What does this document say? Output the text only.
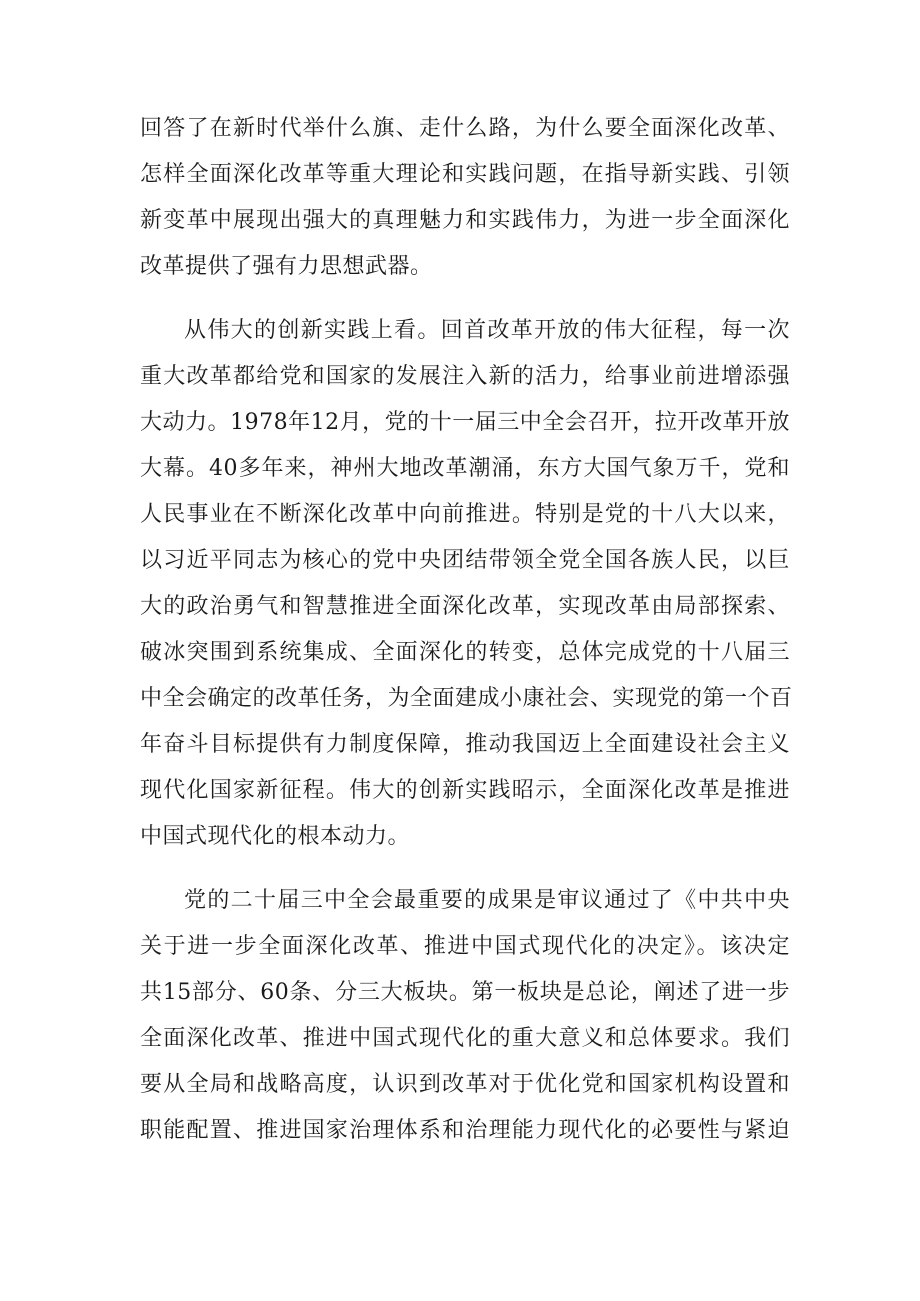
回答了在新时代举什么旗、走什么路，为什么要全面深化改革、
怎样全面深化改革等重大理论和实践问题，在指导新实践、引领
新变革中展现出强大的真理魅力和实践伟力，为进一步全面深化
改革提供了强有力思想武器。
从伟大的创新实践上看。回首改革开放的伟大征程，每一次
重大改革都给党和国家的发展注入新的活力，给事业前进增添强
大动力。1978年12月，党的十一届三中全会召开，拉开改革开放
大幕。40多年来，神州大地改革潮涌，东方大国气象万千，党和
人民事业在不断深化改革中向前推进。特别是党的十八大以来，
以习近平同志为核心的党中央团结带领全党全国各族人民，以巨
大的政治勇气和智慧推进全面深化改革，实现改革由局部探索、
破冰突围到系统集成、全面深化的转变，总体完成党的十八届三
中全会确定的改革任务，为全面建成小康社会、实现党的第一个百
年奋斗目标提供有力制度保障，推动我国迈上全面建设社会主义
现代化国家新征程。伟大的创新实践昭示，全面深化改革是推进
中国式现代化的根本动力。
党的二十届三中全会最重要的成果是审议通过了《中共中央
关于进一步全面深化改革、推进中国式现代化的决定》。该决定
共15部分、60条、分三大板块。第一板块是总论，阐述了进一步
全面深化改革、推进中国式现代化的重大意义和总体要求。我们
要从全局和战略高度，认识到改革对于优化党和国家机构设置和
职能配置、推进国家治理体系和治理能力现代化的必要性与紧迫
